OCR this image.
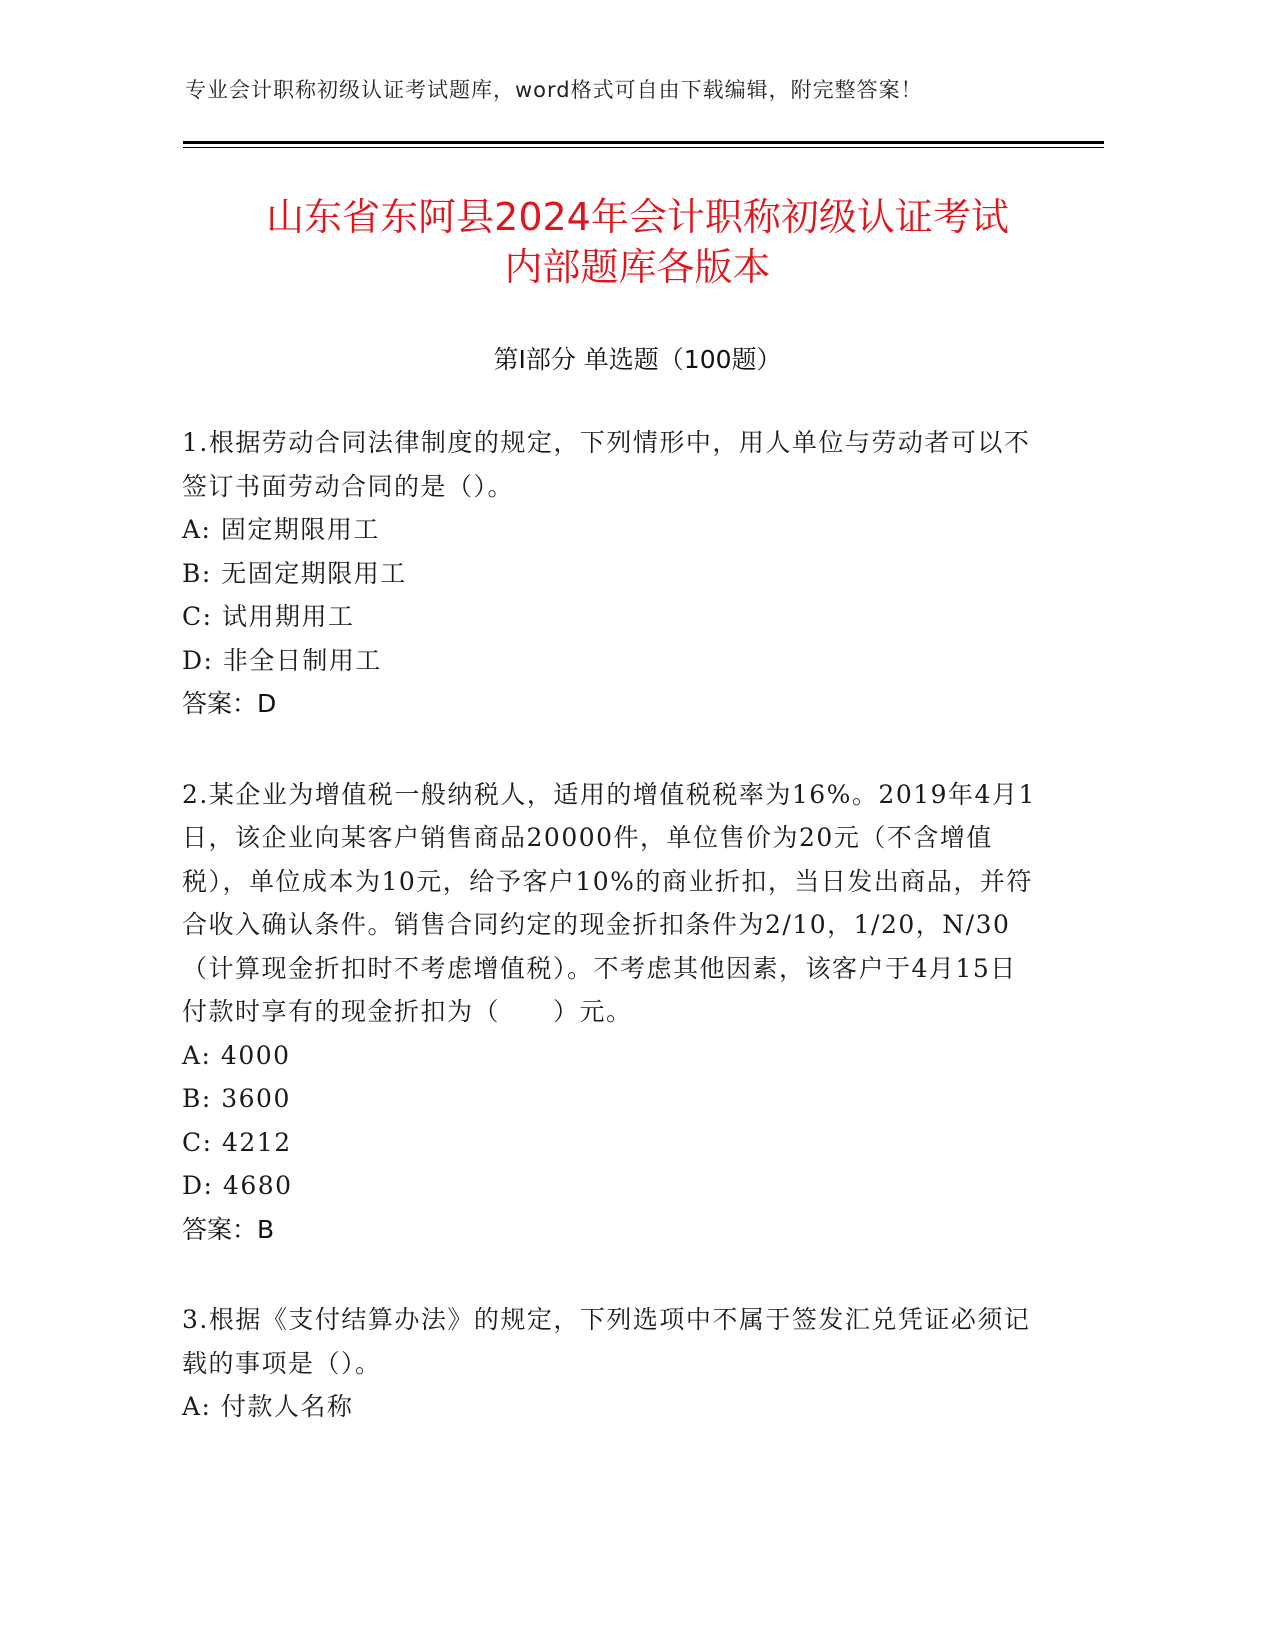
专业会计职称初级认证考试题库，word格式可自由下载编辑，附完整答案！
山东省东阿县2024年会计职称初级认证考试
内部题库各版本
第I部分 单选题（100题）

1.根据劳动合同法律制度的规定，下列情形中，用人单位与劳动者可以不签订书面劳动合同的是（）。

A: 固定期限用工

B: 无固定期限用工

C: 试用期用工

D: 非全日制用工

答案：D

2.某企业为增值税一般纳税人，适用的增值税税率为16%。2019年4月1日，该企业向某客户销售商品20000件，单位售价为20元（不含增值税），单位成本为10元，给予客户10%的商业折扣，当日发出商品，并符合收入确认条件。销售合同约定的现金折扣条件为2/10，1/20，N/30（计算现金折扣时不考虑增值税）。不考虑其他因素，该客户于4月15日付款时享有的现金折扣为（　　）元。

A: 4000

B: 3600

C: 4212

D: 4680

答案：B

3.根据《支付结算办法》的规定，下列选项中不属于签发汇兑凭证必须记载的事项是（）。

A: 付款人名称
